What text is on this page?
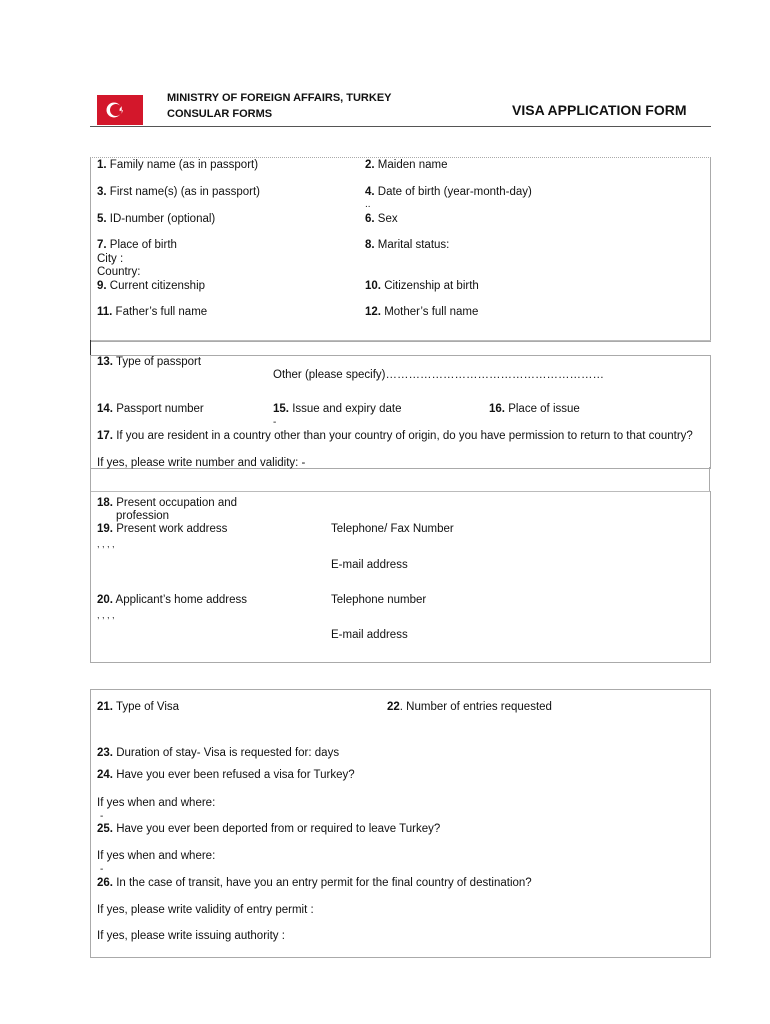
MINISTRY OF FOREIGN AFFAIRS, TURKEY
CONSULAR FORMS	VISA APPLICATION FORM
1. Family name (as in passport)	2. Maiden name
3. First name(s) (as in passport)	4. Date of birth (year-month-day)
..
5. ID-number (optional)	6. Sex
7. Place of birth
City :
Country:
8. Marital status:
9. Current citizenship	10. Citizenship at birth
11. Father’s full name	12. Mother’s full name
13. Type of passport
Other (please specify)…………………………………………………
14. Passport number	15. Issue and expiry date
-
16. Place of issue
17. If you are resident in a country other than your country of origin, do you have permission to return to that country?
If yes, please write number and validity: -
18. Present occupation and
profession
19. Present work address
, , , ,
Telephone/ Fax Number
E-mail address
20. Applicant’s home address
, , , ,
Telephone number
E-mail address
21. Type of Visa	22. Number of entries requested
23. Duration of stay- Visa is requested for: days
24. Have you ever been refused a visa for Turkey?
If yes when and where:
-
25. Have you ever been deported from or required to leave Turkey?
If yes when and where:
-
26. In the case of transit, have you an entry permit for the final country of destination?
If yes, please write validity of entry permit :
If yes, please write issuing authority :
